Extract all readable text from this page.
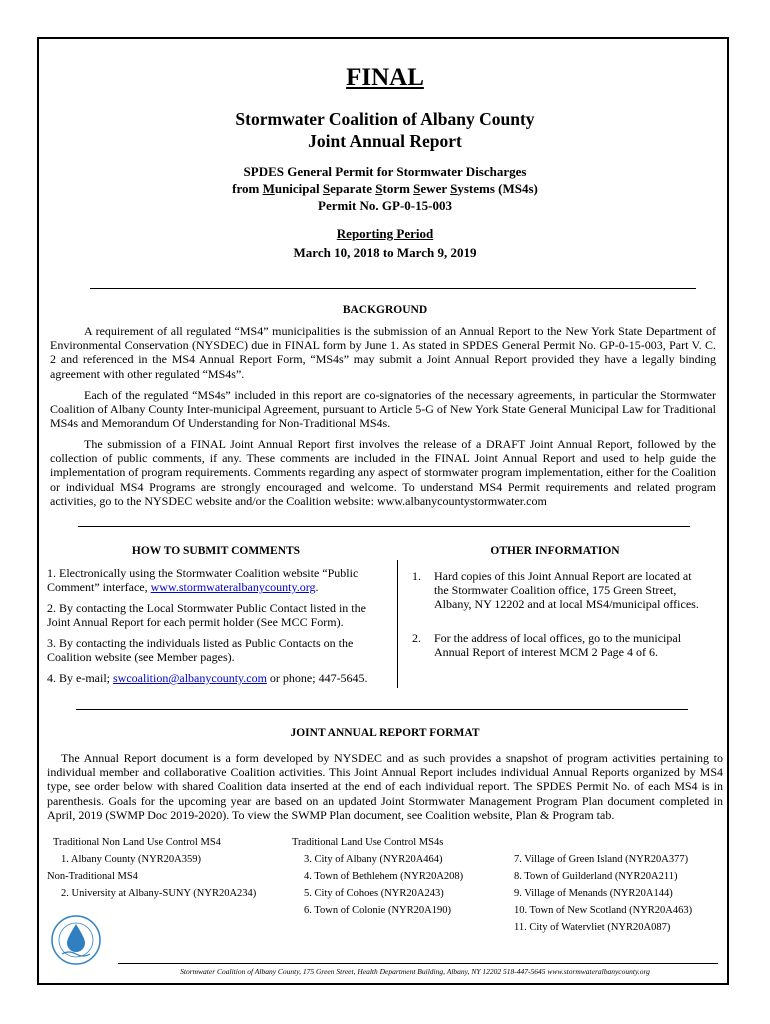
FINAL
Stormwater Coalition of Albany County
Joint Annual Report
SPDES General Permit for Stormwater Discharges
from Municipal Separate Storm Sewer Systems (MS4s)
Permit No. GP-0-15-003
Reporting Period
March 10, 2018 to March 9, 2019
BACKGROUND

A requirement of all regulated “MS4” municipalities is the submission of an Annual Report to the New York State Department of Environmental Conservation (NYSDEC) due in FINAL form by June 1. As stated in SPDES General Permit No. GP-0-15-003, Part V. C. 2 and referenced in the MS4 Annual Report Form, “MS4s” may submit a Joint Annual Report provided they have a legally binding agreement with other regulated “MS4s”.

Each of the regulated “MS4s” included in this report are co-signatories of the necessary agreements, in particular the Stormwater Coalition of Albany County Inter-municipal Agreement, pursuant to Article 5-G of New York State General Municipal Law for Traditional MS4s and Memorandum Of Understanding for Non-Traditional MS4s.

The submission of a FINAL Joint Annual Report first involves the release of a DRAFT Joint Annual Report, followed by the collection of public comments, if any. These comments are included in the FINAL Joint Annual Report and used to help guide the implementation of program requirements. Comments regarding any aspect of stormwater program implementation, either for the Coalition or individual MS4 Programs are strongly encouraged and welcome. To understand MS4 Permit requirements and related program activities, go to the NYSDEC website and/or the Coalition website: www.albanycountystormwater.com

HOW TO SUBMIT COMMENTS	OTHER INFORMATION

1. Electronically using the Stormwater Coalition website “Public Comment” interface, www.stormwateralbanycounty.org.

2. By contacting the Local Stormwater Public Contact listed in the Joint Annual Report for each permit holder (See MCC Form).

3. By contacting the individuals listed as Public Contacts on the Coalition website (see Member pages).

4. By e-mail; swcoalition@albanycounty.com or phone; 447-5645.

1. Hard copies of this Joint Annual Report are located at the Stormwater Coalition office, 175 Green Street, Albany, NY 12202 and at local MS4/municipal offices.

2. For the address of local offices, go to the municipal Annual Report of interest MCM 2 Page 4 of 6.

JOINT ANNUAL REPORT FORMAT

The Annual Report document is a form developed by NYSDEC and as such provides a snapshot of program activities pertaining to individual member and collaborative Coalition activities. This Joint Annual Report includes individual Annual Reports organized by MS4 type, see order below with shared Coalition data inserted at the end of each individual report. The SPDES Permit No. of each MS4 is in parenthesis. Goals for the upcoming year are based on an updated Joint Stormwater Management Program Plan document completed in April, 2019 (SWMP Doc 2019-2020). To view the SWMP Plan document, see Coalition website, Plan & Program tab.

Traditional Non Land Use Control MS4
1. Albany County (NYR20A359)
Non-Traditional MS4
2. University at Albany-SUNY (NYR20A234)
Traditional Land Use Control MS4s
3. City of Albany (NYR20A464)
4. Town of Bethlehem (NYR20A208)
5. City of Cohoes (NYR20A243)
6. Town of Colonie (NYR20A190)
7. Village of Green Island (NYR20A377)
8. Town of Guilderland (NYR20A211)
9. Village of Menands (NYR20A144)
10. Town of New Scotland (NYR20A463)
11. City of Watervliet (NYR20A087)
Stormwater Coalition of Albany County, 175 Green Street, Health Department Building, Albany, NY 12202 518-447-5645 www.stormwateralbanycounty.org
